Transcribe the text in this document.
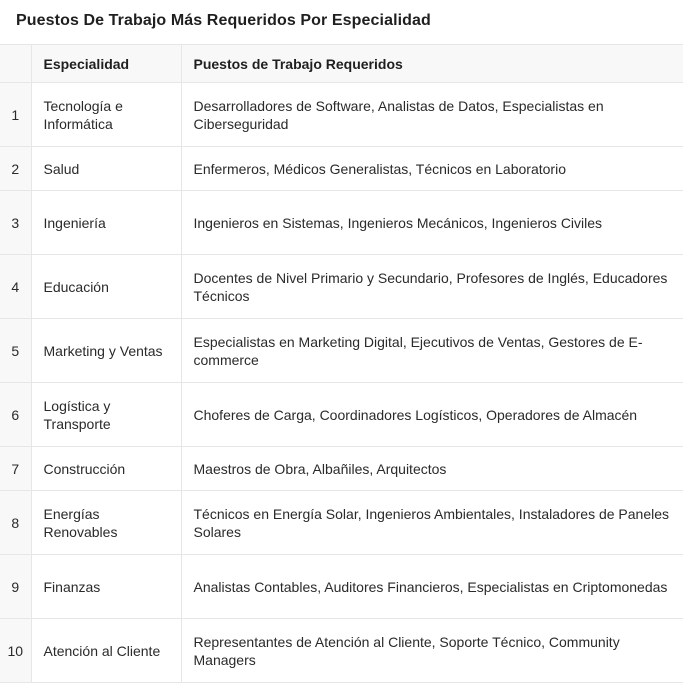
Puestos De Trabajo Más Requeridos Por Especialidad
	Especialidad	Puestos de Trabajo Requeridos
1	Tecnología e Informática	Desarrolladores de Software, Analistas de Datos, Especialistas en Ciberseguridad
2	Salud	Enfermeros, Médicos Generalistas, Técnicos en Laboratorio
3	Ingeniería	Ingenieros en Sistemas, Ingenieros Mecánicos, Ingenieros Civiles
4	Educación	Docentes de Nivel Primario y Secundario, Profesores de Inglés, Educadores Técnicos
5	Marketing y Ventas	Especialistas en Marketing Digital, Ejecutivos de Ventas, Gestores de E-commerce
6	Logística y Transporte	Choferes de Carga, Coordinadores Logísticos, Operadores de Almacén
7	Construcción	Maestros de Obra, Albañiles, Arquitectos
8	Energías Renovables	Técnicos en Energía Solar, Ingenieros Ambientales, Instaladores de Paneles Solares
9	Finanzas	Analistas Contables, Auditores Financieros, Especialistas en Criptomonedas
10	Atención al Cliente	Representantes de Atención al Cliente, Soporte Técnico, Community Managers
